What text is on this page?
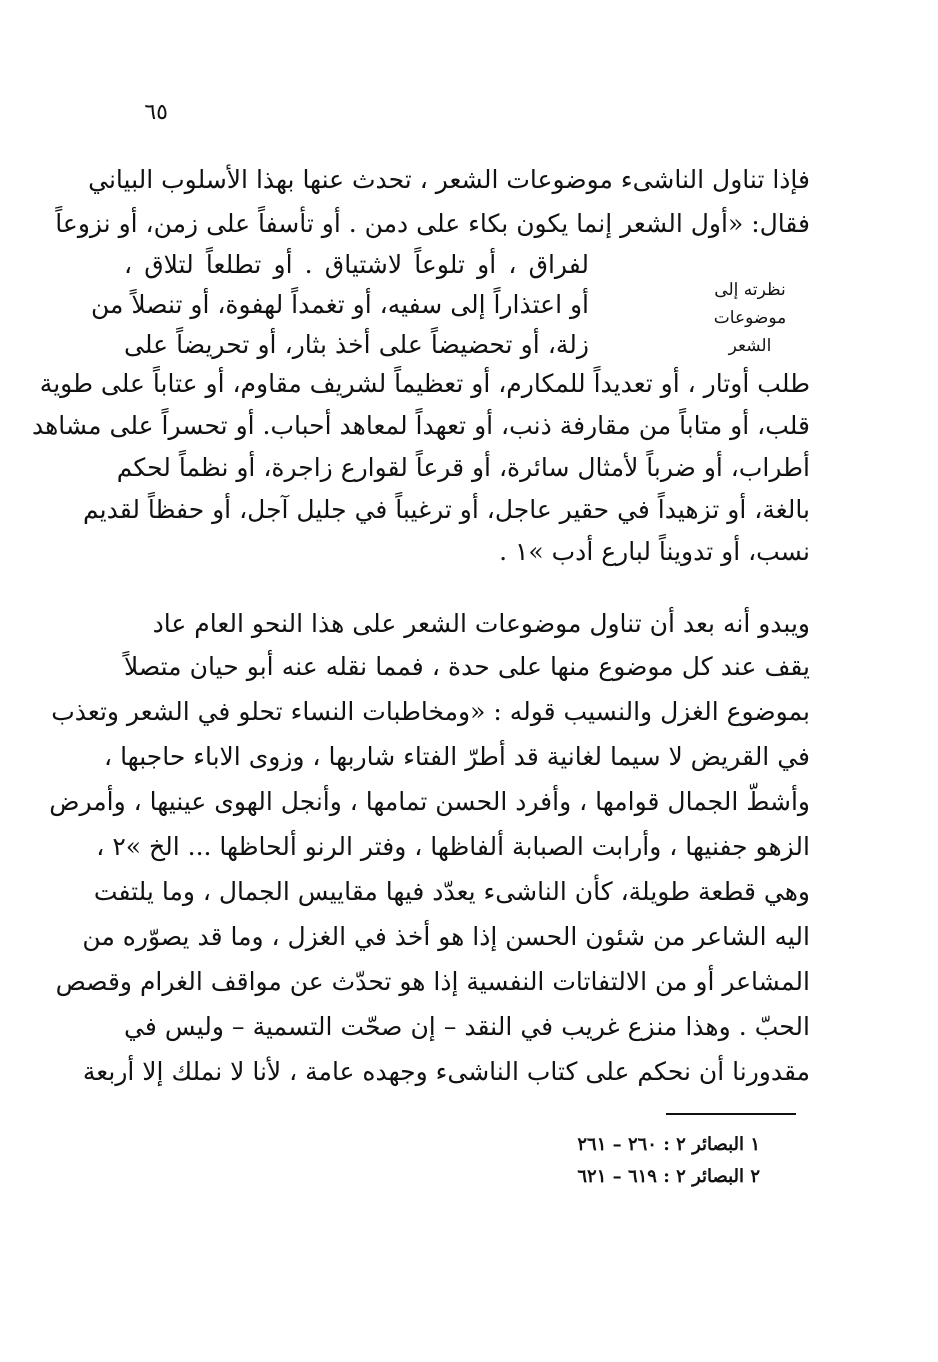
٦٥
نظرته إلى موضوعات الشعر
فإذا تناول الناشىء موضوعات الشعر ، تحدث عنها بهذا الأسلوب البياني
فقال: «أول الشعر إنما يكون بكاء على دمن . أو تأسفاً على زمن، أو نزوعاً
لفراق ، أو تلوعاً لاشتياق . أو تطلعاً لتلاق ،
أو اعتذاراً إلى سفيه، أو تغمداً لهفوة، أو تنصلاً من
زلة، أو تحضيضاً على أخذ بثار، أو تحريضاً على
طلب أوتار ، أو تعديداً للمكارم، أو تعظيماً لشريف مقاوم، أو عتاباً على طوية
قلب، أو متاباً من مقارفة ذنب، أو تعهداً لمعاهد أحباب. أو تحسراً على مشاهد
أطراب، أو ضرباً لأمثال سائرة، أو قرعاً لقوارع زاجرة، أو نظماً لحكم
بالغة، أو تزهيداً في حقير عاجل، أو ترغيباً في جليل آجل، أو حفظاً لقديم
نسب، أو تدويناً لبارع أدب »١ .
ويبدو أنه بعد أن تناول موضوعات الشعر على هذا النحو العام عاد
يقف عند كل موضوع منها على حدة ، فمما نقله عنه أبو حيان متصلاً
بموضوع الغزل والنسيب قوله : «ومخاطبات النساء تحلو في الشعر وتعذب
في القريض لا سيما لغانية قد أطرّ الفتاء شاربها ، وزوى الاباء حاجبها ،
وأشطّ الجمال قوامها ، وأفرد الحسن تمامها ، وأنجل الهوى عينيها ، وأمرض
الزهو جفنيها ، وأرابت الصبابة ألفاظها ، وفتر الرنو ألحاظها ... الخ »٢ ،
وهي قطعة طويلة، كأن الناشىء يعدّد فيها مقاييس الجمال ، وما يلتفت
اليه الشاعر من شئون الحسن إذا هو أخذ في الغزل ، وما قد يصوّره من
المشاعر أو من الالتفاتات النفسية إذا هو تحدّث عن مواقف الغرام وقصص
الحبّ . وهذا منزع غريب في النقد – إن صحّت التسمية – وليس في
مقدورنا أن نحكم على كتاب الناشىء وجهده عامة ، لأنا لا نملك إلا أربعة
١ البصائر ٢ : ٢٦٠ – ٢٦١
٢ البصائر ٢ : ٦١٩ – ٦٢١
